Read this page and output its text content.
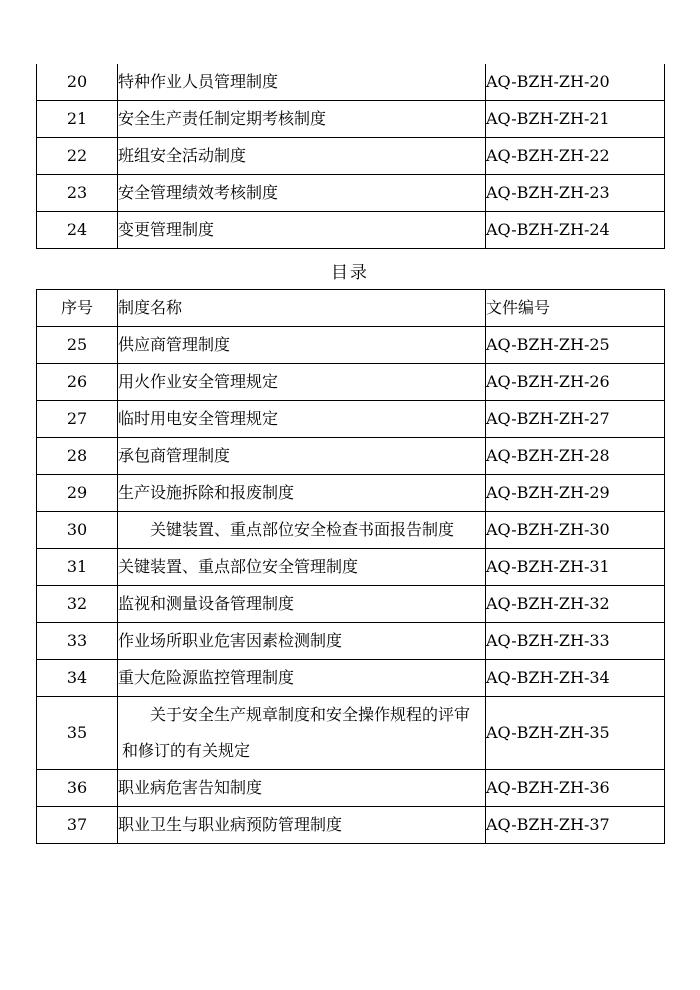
20	特种作业人员管理制度	AQ-BZH-ZH-20
21	安全生产责任制定期考核制度	AQ-BZH-ZH-21
22	班组安全活动制度	AQ-BZH-ZH-22
23	安全管理绩效考核制度	AQ-BZH-ZH-23
24	变更管理制度	AQ-BZH-ZH-24
目录
序号	制度名称	文件编号
25	供应商管理制度	AQ-BZH-ZH-25
26	用火作业安全管理规定	AQ-BZH-ZH-26
27	临时用电安全管理规定	AQ-BZH-ZH-27
28	承包商管理制度	AQ-BZH-ZH-28
29	生产设施拆除和报废制度	AQ-BZH-ZH-29
30	关键装置、重点部位安全检查书面报告制度	AQ-BZH-ZH-30
31	关键装置、重点部位安全管理制度	AQ-BZH-ZH-31
32	监视和测量设备管理制度	AQ-BZH-ZH-32
33	作业场所职业危害因素检测制度	AQ-BZH-ZH-33
34	重大危险源监控管理制度	AQ-BZH-ZH-34
35	关于安全生产规章制度和安全操作规程的评审和修订的有关规定	AQ-BZH-ZH-35
36	职业病危害告知制度	AQ-BZH-ZH-36
37	职业卫生与职业病预防管理制度	AQ-BZH-ZH-37
